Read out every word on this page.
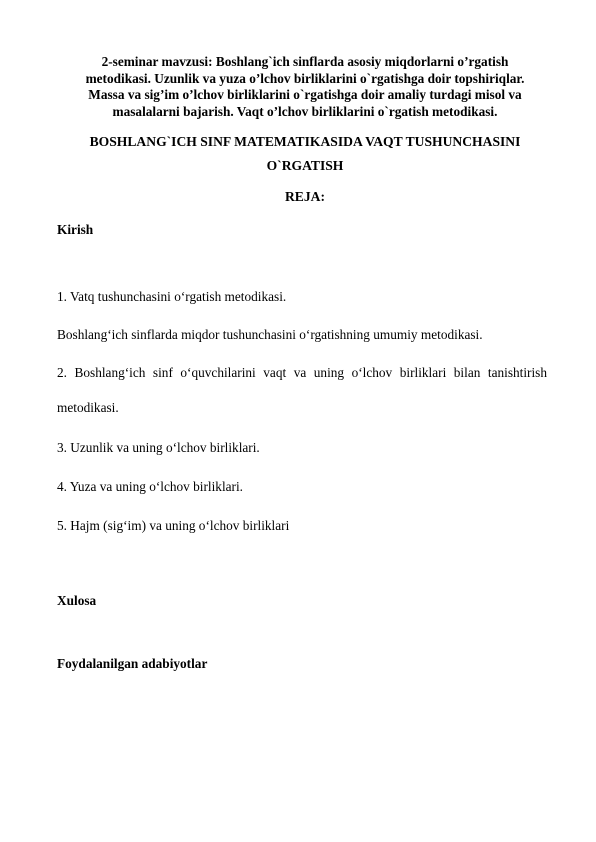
2-seminar mavzusi: Boshlang`ich sinflarda asosiy miqdorlarni o’rgatish
metodikasi. Uzunlik va yuza o’lchov birliklarini o`rgatishga doir topshiriqlar.
Massa va sig’im o’lchov birliklarini o`rgatishga doir amaliy turdagi misol va
masalalarni bajarish. Vaqt o’lchov birliklarini o`rgatish metodikasi.
BOSHLANG`ICH SINF MATEMATIKASIDA VAQT TUSHUNCHASINI
O`RGATISH
REJA:
Kirish
1. Vatq tushunchasini o‘rgatish metodikasi.
Boshlang‘ich sinflarda miqdor tushunchasini o‘rgatishning umumiy metodikasi.
2. Boshlang‘ich sinf o‘quvchilarini vaqt va uning o‘lchov birliklari bilan tanishtirish
metodikasi.
3. Uzunlik va uning o‘lchov birliklari.
4. Yuza va uning o‘lchov birliklari.
5. Hajm (sig‘im) va uning o‘lchov birliklari
Xulosa
Foydalanilgan adabiyotlar
